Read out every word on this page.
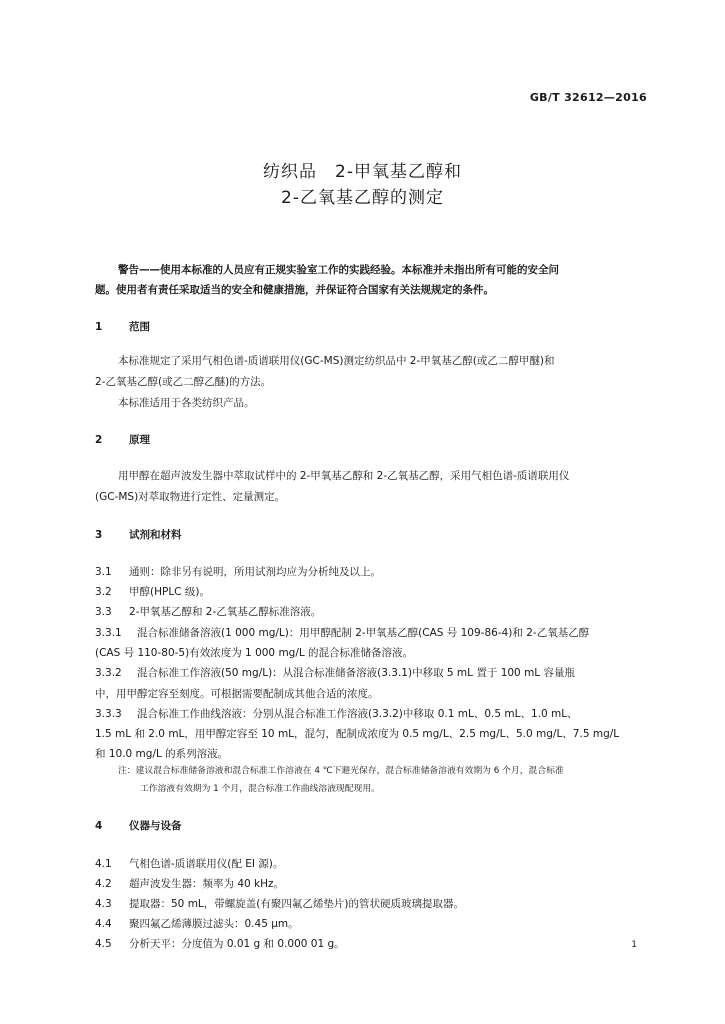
GB/T 32612—2016
纺织品　2-甲氧基乙醇和
2-乙氧基乙醇的测定
警告——使用本标准的人员应有正规实验室工作的实践经验。本标准并未指出所有可能的安全问
题。使用者有责任采取适当的安全和健康措施，并保证符合国家有关法规规定的条件。
1	范围
本标准规定了采用气相色谱-质谱联用仪(GC-MS)测定纺织品中 2-甲氧基乙醇(或乙二醇甲醚)和
2-乙氧基乙醇(或乙二醇乙醚)的方法。
本标准适用于各类纺织产品。
2	原理
用甲醇在超声波发生器中萃取试样中的 2-甲氧基乙醇和 2-乙氧基乙醇，采用气相色谱-质谱联用仪
(GC-MS)对萃取物进行定性、定量测定。
3	试剂和材料
3.1 通则：除非另有说明，所用试剂均应为分析纯及以上。
3.2 甲醇(HPLC 级)。
3.3 2-甲氧基乙醇和 2-乙氧基乙醇标准溶液。
3.3.1 混合标准储备溶液(1 000 mg/L)：用甲醇配制 2-甲氧基乙醇(CAS 号 109-86-4)和 2-乙氧基乙醇
(CAS 号 110-80-5)有效浓度为 1 000 mg/L 的混合标准储备溶液。
3.3.2 混合标准工作溶液(50 mg/L)：从混合标准储备溶液(3.3.1)中移取 5 mL 置于 100 mL 容量瓶
中，用甲醇定容至刻度。可根据需要配制成其他合适的浓度。
3.3.3 混合标准工作曲线溶液：分别从混合标准工作溶液(3.3.2)中移取 0.1 mL、0.5 mL、1.0 mL、
1.5 mL 和 2.0 mL，用甲醇定容至 10 mL，混匀，配制成浓度为 0.5 mg/L、2.5 mg/L、5.0 mg/L、7.5 mg/L
和 10.0 mg/L 的系列溶液。
注：建议混合标准储备溶液和混合标准工作溶液在 4 ℃下避光保存，混合标准储备溶液有效期为 6 个月，混合标准
工作溶液有效期为 1 个月，混合标准工作曲线溶液现配现用。
4	仪器与设备
4.1 气相色谱-质谱联用仪(配 EI 源)。
4.2 超声波发生器：频率为 40 kHz。
4.3 提取器：50 mL，带螺旋盖(有聚四氟乙烯垫片)的管状硬质玻璃提取器。
4.4 聚四氟乙烯薄膜过滤头：0.45 μm。
4.5 分析天平：分度值为 0.01 g 和 0.000 01 g。	1
